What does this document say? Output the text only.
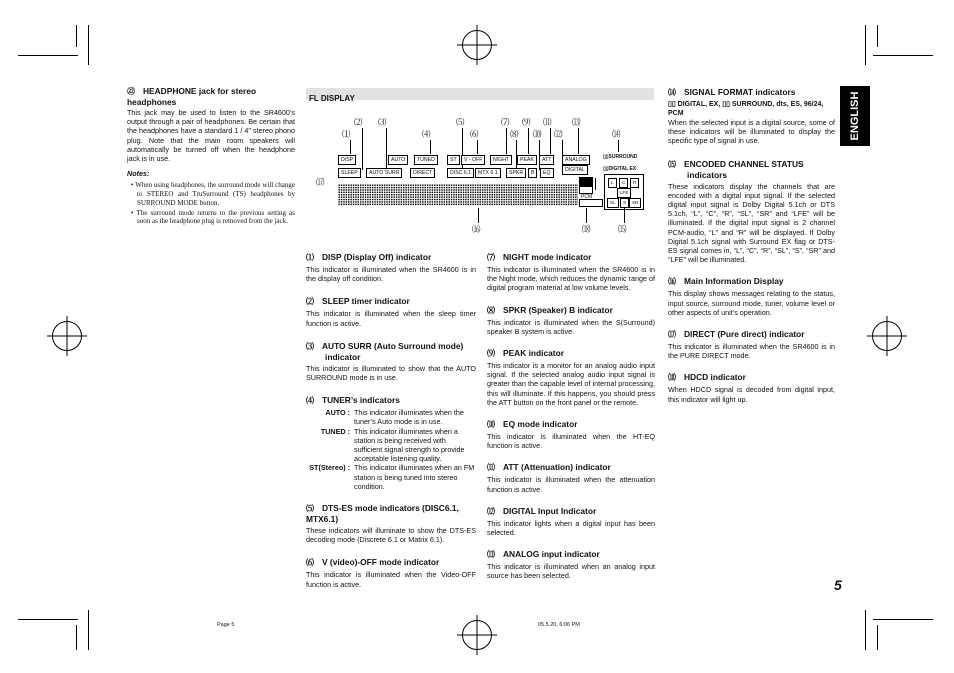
㉒ HEADPHONE jack for stereo headphones
This jack may be used to listen to the SR4600’s output through a pair of headphones. Be certain that the headphones have a standard 1 / 4" stereo phono plug. Note that the main room speakers will automatically be turned off when the headphone jack is in use.
Notes:
• When using headphones, the surround mode will change to STEREO and TruSurround (TS) headphones by SURROUND MODE button.
• The surround mode returns to the previous setting as soon as the headphone plug is removed from the jack.
FL DISPLAY
⑴
⑵ ⑶
⑷
⑸
⑹
⑺
⑻
⑼
⑽
⑾
⑿
⒀
⒁
⒂
⒃
⒄
⒅
DISP	AUTO	TUNED	ST	V - OFF	NIGHT	PEAK	ATT	ANALOG	▯▯SURROUND
SLEEP	AUTO SURR	DIRECT	DISC 6.1	MTX 6.1	SPKR	B	EQ	DIGITAL	▯▯DIGITAL EX
PCM
L	C	R
LFE
SL	S	SR
⑴ DISP (Display Off) indicator
This indicator is illuminated when the SR4600 is in the display off condition.
⑵ SLEEP timer indicator
This indicator is illuminated when the sleep timer function is active.
⑶ AUTO SURR (Auto Surround mode) indicator
This indicator is illuminated to show that the AUTO SURROUND mode is in use.
⑷ TUNER’s indicators
AUTO : This indicator illuminates when the tuner’s Auto mode is in use.
TUNED : This indicator illuminates when a station is being received with sufficient signal strength to provide acceptable listening quality.
ST(Stereo) : This indicator illuminates when an FM station is being tuned into stereo condition.
⑸ DTS-ES mode indicators (DISC6.1, MTX6.1)
These indicators will illuminate to show the DTS-ES decoding mode (Discrete 6.1 or Matrix 6.1).
⑹ V (video)-OFF mode indicator
This indicator is illuminated when the Video-OFF function is active.
⑺ NIGHT mode indicator
This indicator is illuminated when the SR4600 is in the Night mode, which reduces the dynamic range of digital program material at low volume levels.
⑻ SPKR (Speaker) B indicator
This indicator is illuminated when the S(Surround) speaker B system is active.
⑼ PEAK indicator
This indicator is a monitor for an analog audio input signal. If the selected analog audio input signal is greater than the capable level of internal processing, this will illuminate. If this happens, you should press the ATT button on the front panel or the remote.
⑽ EQ mode indicator
This indicator is illuminated when the HT-EQ function is active.
⑾ ATT (Attenuation) indicator
This indicator is illuminated when the attenuation function is active.
⑿ DIGITAL Input Indicator
This indicator lights when a digital input has been selected.
⒀ ANALOG input indicator
This indicator is illuminated when an analog input source has been selected.
⒁ SIGNAL FORMAT indicators
▯▯ DIGITAL, EX, ▯▯ SURROUND, dts, ES, 96/24, PCM
When the selected input is a digital source, some of these indicators will be illuminated to display the specific type of signal in use.
⒂ ENCODED CHANNEL STATUS indicators
These indicators display the channels that are encoded with a digital input signal. If the selected digital input signal is Dolby Digital 5.1ch or DTS 5.1ch, “L”, “C”, “R”, “SL”, “SR” and “LFE” will be illuminated. If the digital input signal is 2 channel PCM-audio, “L” and “R” will be displayed. If Dolby Digital 5.1ch signal with Surround EX flag or DTS-ES signal comes in, “L”, “C”, “R”, “SL”, “S”, “SR” and “LFE” will be illuminated.
⒃ Main Information Display
This display shows messages relating to the status, input source, surround mode, tuner, volume level or other aspects of unit’s operation.
⒄ DIRECT (Pure direct) indicator
This indicator is illuminated when the SR4600 is in the PURE DIRECT mode.
⒅ HDCD indicator
When HDCD signal is decoded from digital input, this indicator will light up.
ENGLISH
5
Page 5	05.5.20, 6:06 PM
